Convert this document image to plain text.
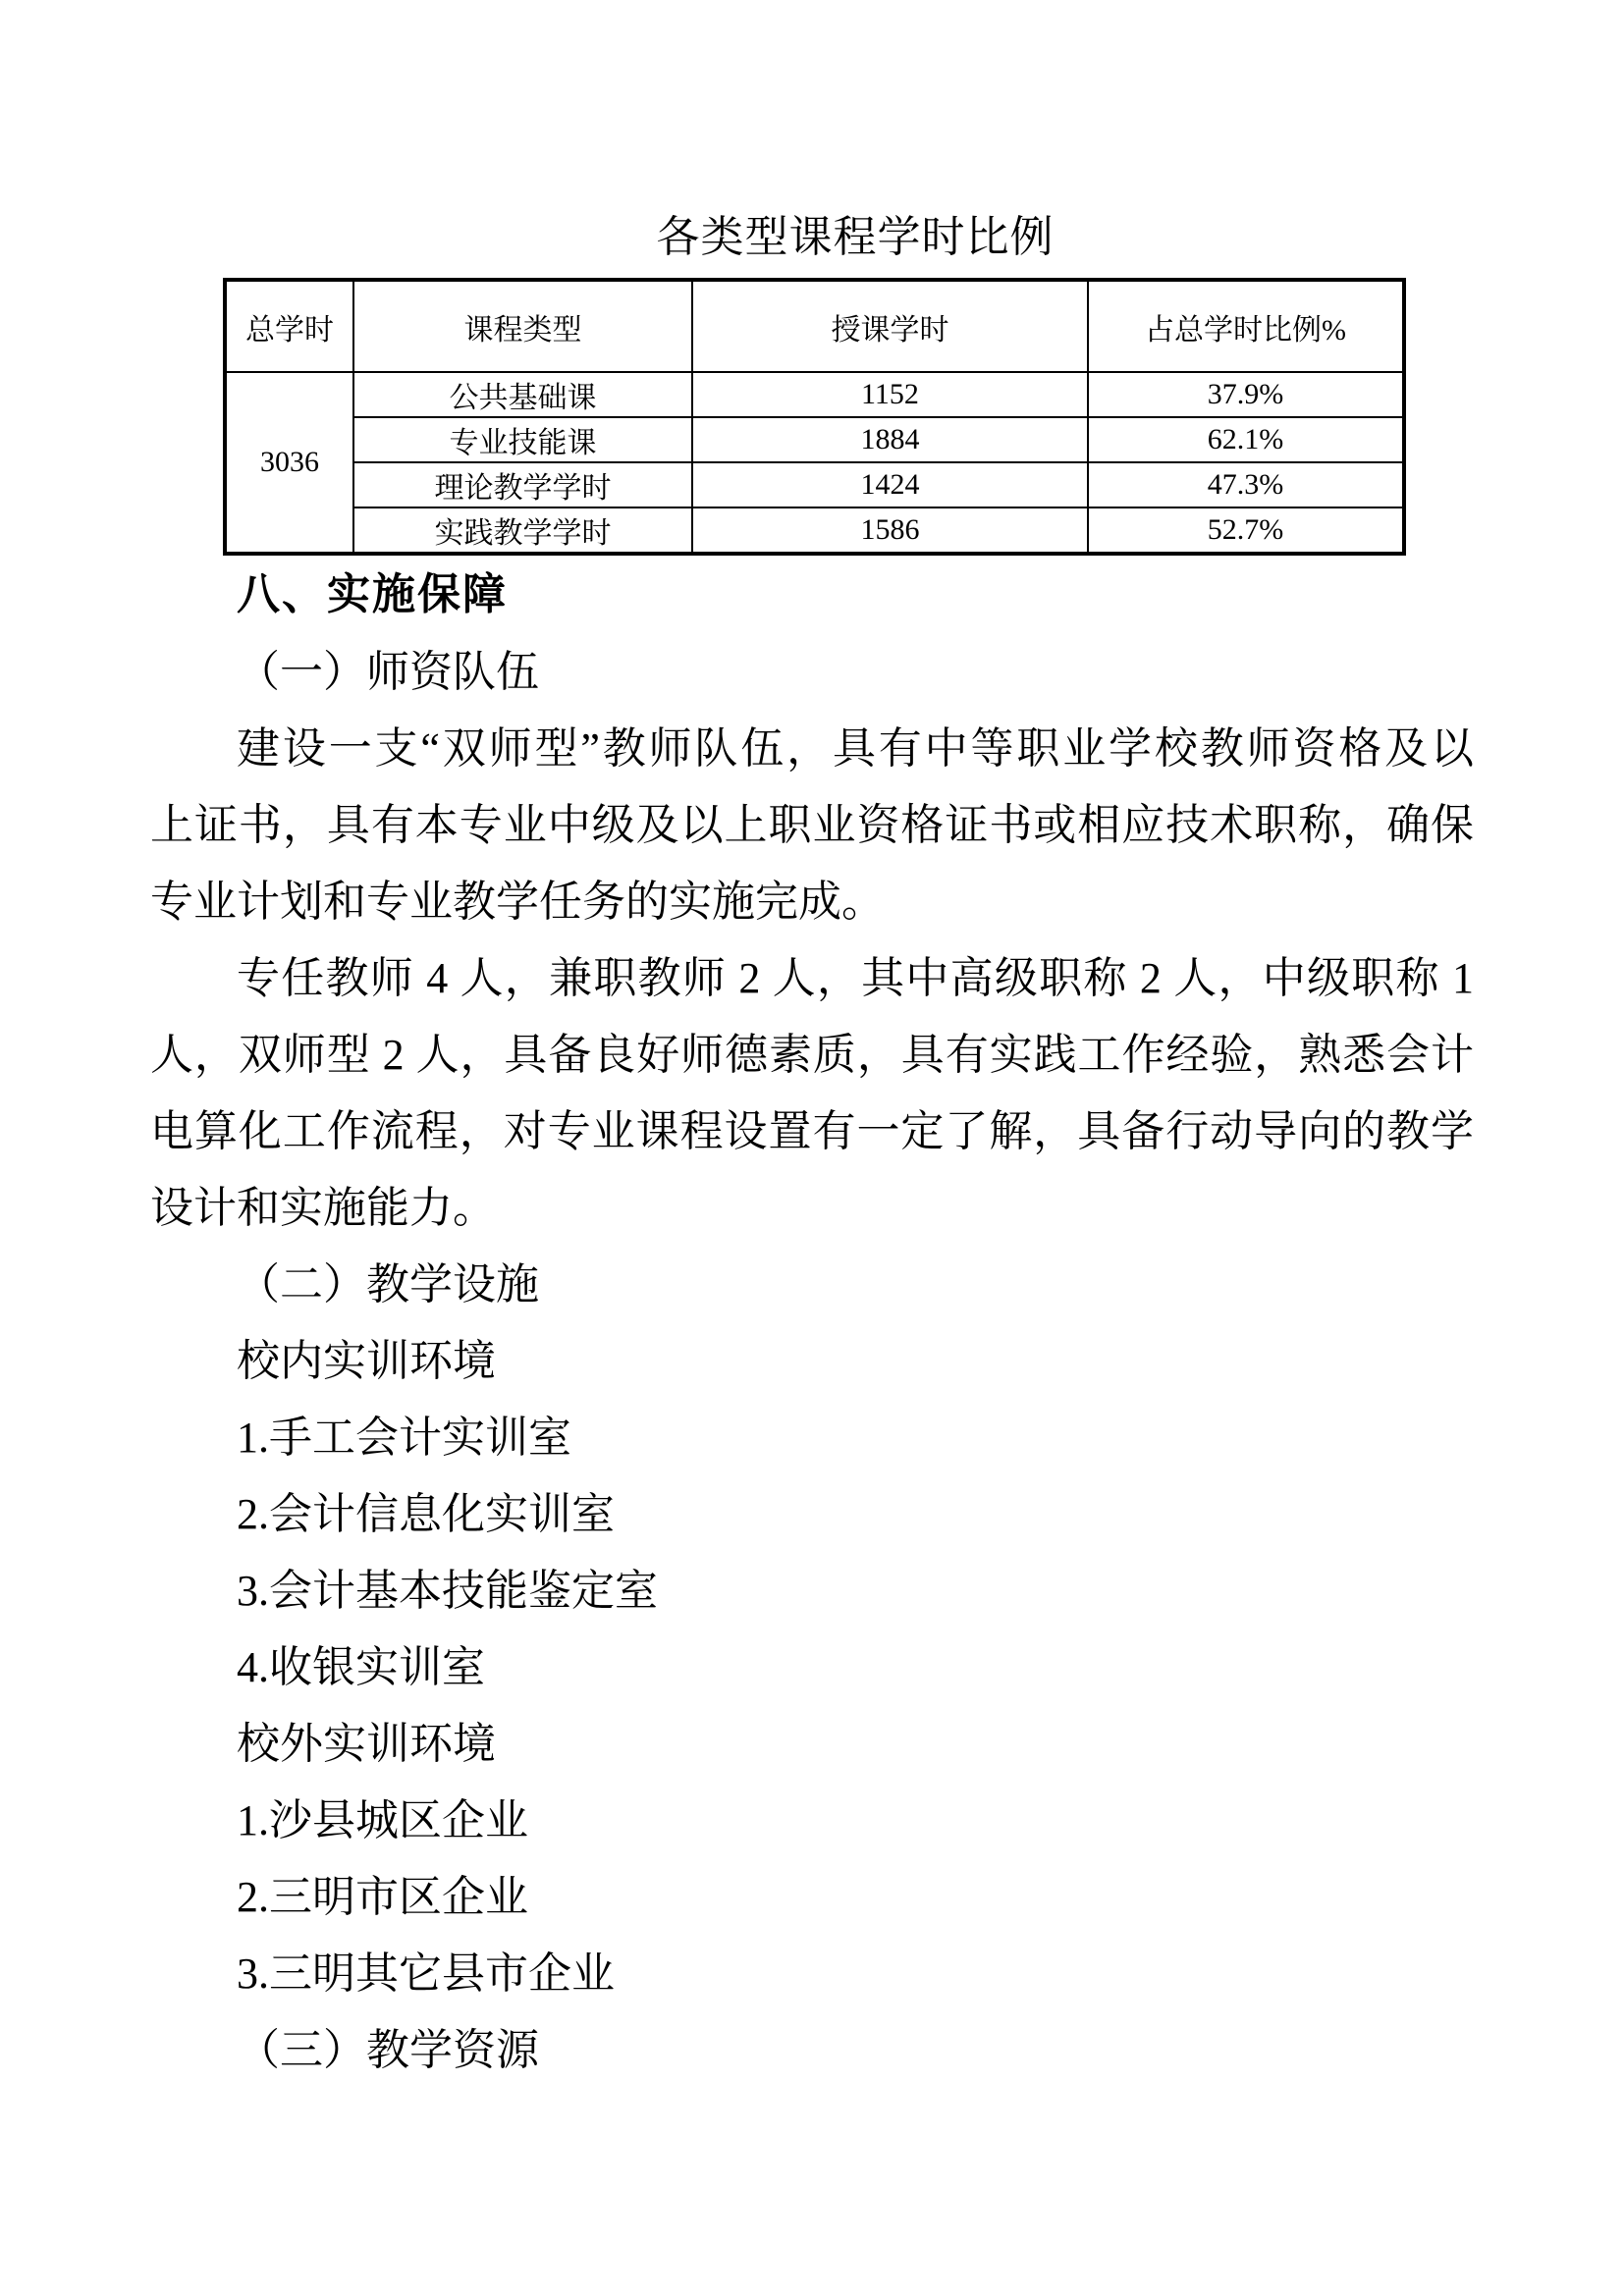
各类型课程学时比例
总学时	课程类型	授课学时	占总学时比例%
3036	公共基础课	1152	37.9%
	专业技能课	1884	62.1%
	理论教学学时	1424	47.3%
	实践教学学时	1586	52.7%
八、实施保障
（一）师资队伍
建设一支“双师型”教师队伍，具有中等职业学校教师资格及以
上证书，具有本专业中级及以上职业资格证书或相应技术职称，确保
专业计划和专业教学任务的实施完成。
专任教师 4 人，兼职教师 2 人，其中高级职称 2 人，中级职称 1
人，双师型 2 人，具备良好师德素质，具有实践工作经验，熟悉会计
电算化工作流程，对专业课程设置有一定了解，具备行动导向的教学
设计和实施能力。
（二）教学设施
校内实训环境
1.手工会计实训室
2.会计信息化实训室
3.会计基本技能鉴定室
4.收银实训室
校外实训环境
1.沙县城区企业
2.三明市区企业
3.三明其它县市企业
（三）教学资源
